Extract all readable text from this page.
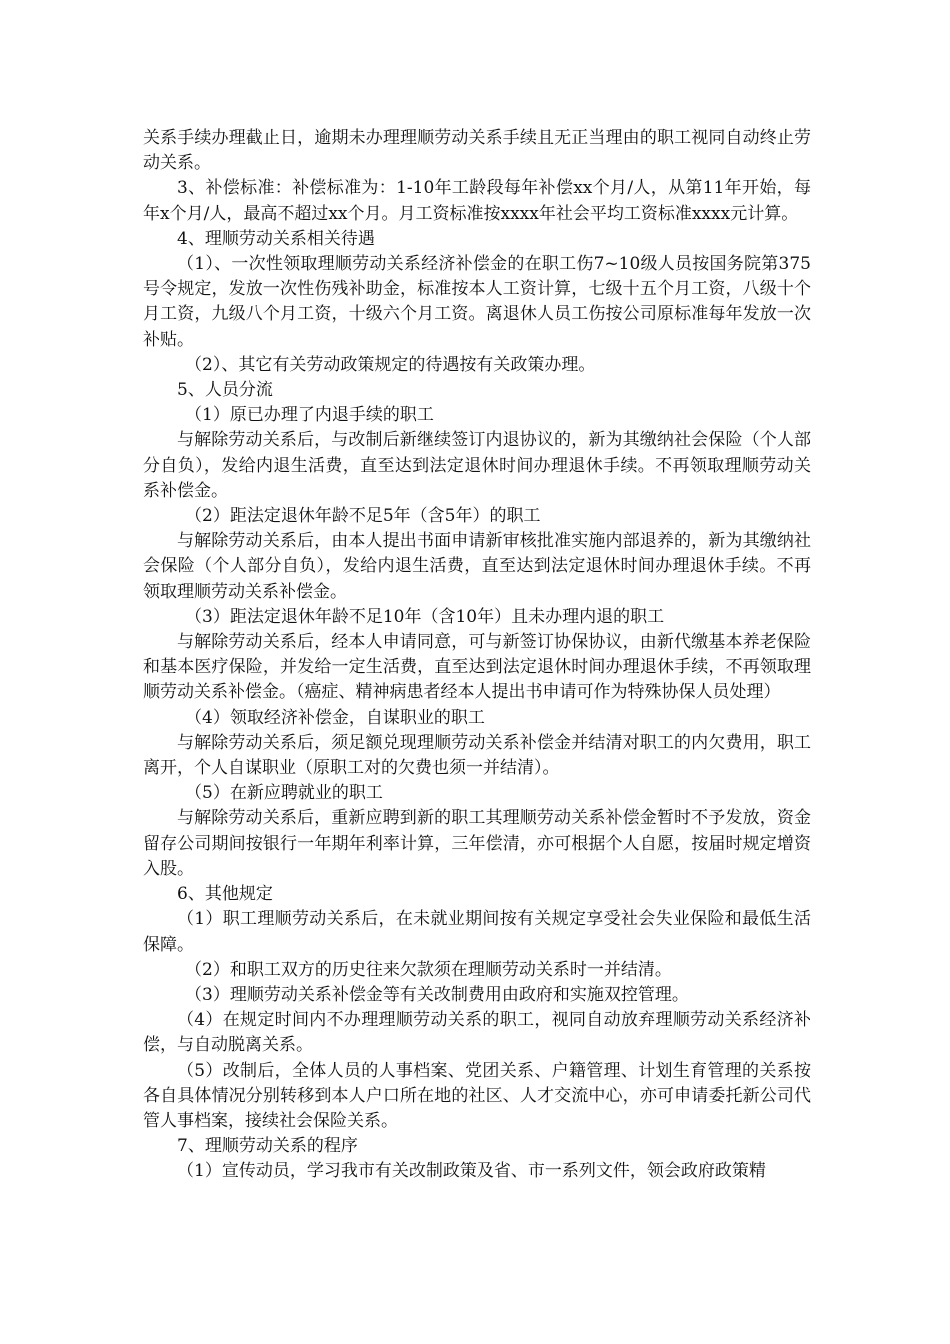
关系手续办理截止日，逾期未办理理顺劳动关系手续且无正当理由的职工视同自动终止劳动关系。

3、补偿标准：补偿标准为：1-10年工龄段每年补偿xx个月/人，从第11年开始，每年x个月/人，最高不超过xx个月。月工资标准按xxxx年社会平均工资标准xxxx元计算。

4、理顺劳动关系相关待遇

（1）、一次性领取理顺劳动关系经济补偿金的在职工伤7~10级人员按国务院第375号令规定，发放一次性伤残补助金，标准按本人工资计算，七级十五个月工资，八级十个月工资，九级八个月工资，十级六个月工资。离退休人员工伤按公司原标准每年发放一次补贴。

（2）、其它有关劳动政策规定的待遇按有关政策办理。

5、人员分流

（1）原已办理了内退手续的职工

与解除劳动关系后，与改制后新继续签订内退协议的，新为其缴纳社会保险（个人部分自负），发给内退生活费，直至达到法定退休时间办理退休手续。不再领取理顺劳动关系补偿金。

（2）距法定退休年龄不足5年（含5年）的职工

与解除劳动关系后，由本人提出书面申请新审核批准实施内部退养的，新为其缴纳社会保险（个人部分自负），发给内退生活费，直至达到法定退休时间办理退休手续。不再领取理顺劳动关系补偿金。

（3）距法定退休年龄不足10年（含10年）且未办理内退的职工

与解除劳动关系后，经本人申请同意，可与新签订协保协议，由新代缴基本养老保险和基本医疗保险，并发给一定生活费，直至达到法定退休时间办理退休手续，不再领取理顺劳动关系补偿金。（癌症、精神病患者经本人提出书申请可作为特殊协保人员处理）

（4）领取经济补偿金，自谋职业的职工

与解除劳动关系后，须足额兑现理顺劳动关系补偿金并结清对职工的内欠费用，职工离开，个人自谋职业（原职工对的欠费也须一并结清）。

（5）在新应聘就业的职工

与解除劳动关系后，重新应聘到新的职工其理顺劳动关系补偿金暂时不予发放，资金留存公司期间按银行一年期年利率计算，三年偿清，亦可根据个人自愿，按届时规定增资入股。

6、其他规定

（1）职工理顺劳动关系后，在未就业期间按有关规定享受社会失业保险和最低生活保障。

（2）和职工双方的历史往来欠款须在理顺劳动关系时一并结清。

（3）理顺劳动关系补偿金等有关改制费用由政府和实施双控管理。

（4）在规定时间内不办理理顺劳动关系的职工，视同自动放弃理顺劳动关系经济补偿，与自动脱离关系。

（5）改制后，全体人员的人事档案、党团关系、户籍管理、计划生育管理的关系按各自具体情况分别转移到本人户口所在地的社区、人才交流中心，亦可申请委托新公司代管人事档案，接续社会保险关系。

7、理顺劳动关系的程序

（1）宣传动员，学习我市有关改制政策及省、市一系列文件，领会政府政策精
